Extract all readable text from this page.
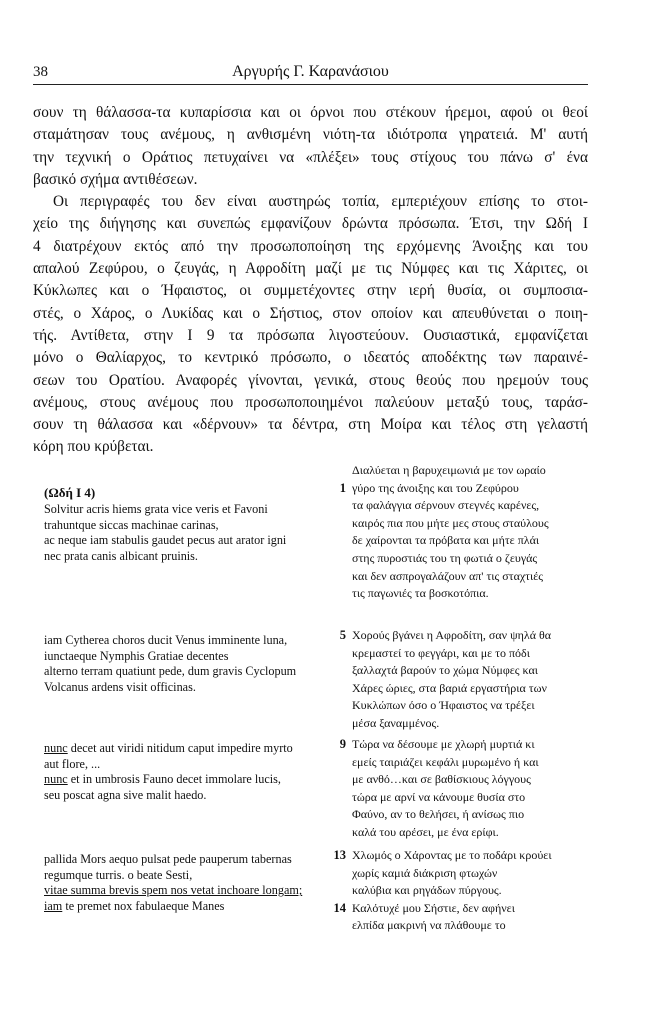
38	Αργυρής Γ. Καρανάσιου
σουν τη θάλασσα-τα κυπαρίσσια και οι όρνοι που στέκουν ήρεμοι, αφού οι θεοί
σταμάτησαν τους ανέμους, η ανθισμένη νιότη-τα ιδιότροπα γηρατειά. Μ' αυτή
την τεχνική ο Οράτιος πετυχαίνει να «πλέξει» τους στίχους του πάνω σ' ένα
βασικό σχήμα αντιθέσεων.
Οι περιγραφές του δεν είναι αυστηρώς τοπία, εμπεριέχουν επίσης το στοι-
χείο της διήγησης και συνεπώς εμφανίζουν δρώντα πρόσωπα. Έτσι, την Ωδή Ι
4 διατρέχουν εκτός από την προσωποποίηση της ερχόμενης Άνοιξης και του
απαλού Ζεφύρου, ο ζευγάς, η Αφροδίτη μαζί με τις Νύμφες και τις Χάριτες, οι
Κύκλωπες και ο Ήφαιστος, οι συμμετέχοντες στην ιερή θυσία, οι συμποσια-
στές, ο Χάρος, ο Λυκίδας και ο Σήστιος, στον οποίον και απευθύνεται ο ποιη-
τής. Αντίθετα, στην Ι 9 τα πρόσωπα λιγοστεύουν. Ουσιαστικά, εμφανίζεται
μόνο ο Θαλίαρχος, το κεντρικό πρόσωπο, ο ιδεατός αποδέκτης των παραινέ-
σεων του Ορατίου. Αναφορές γίνονται, γενικά, στους θεούς που ηρεμούν τους
ανέμους, στους ανέμους που προσωποποιημένοι παλεύουν μεταξύ τους, ταράσ-
σουν τη θάλασσα και «δέρνουν» τα δέντρα, στη Μοίρα και τέλος στη γελαστή
κόρη που κρύβεται.
(Ωδή Ι 4)
Solvitur acris hiems grata vice veris et Favoni
trahuntque siccas machinae carinas,
ac neque iam stabulis gaudet pecus aut arator igni
nec prata canis albicant pruinis.
iam Cytherea choros ducit Venus imminente luna,
iunctaeque Nymphis Gratiae decentes
alterno terram quatiunt pede, dum gravis Cyclopum
Volcanus ardens visit officinas.
nunc decet aut viridi nitidum caput impedire myrto
aut flore, ...
nunc et in umbrosis Fauno decet immolare lucis,
seu poscat agna sive malit haedo.
pallida Mors aequo pulsat pede pauperum tabernas
regumque turris. o beate Sesti,
vitae summa brevis spem nos vetat inchoare longam;
iam te premet nox fabulaeque Manes
Διαλύεται η βαρυχειμωνιά με τον ωραίο
1 γύρο της άνοιξης και του Ζεφύρου
τα φαλάγγια σέρνουν στεγνές καρένες,
καιρός πια που μήτε μες στους σταύλους
δε χαίρονται τα πρόβατα και μήτε πλάι
στης πυροστιάς του τη φωτιά ο ζευγάς
και δεν ασπρογαλάζουν απ' τις σταχτιές
τις παγωνιές τα βοσκοτόπια.
5 Χορούς βγάνει η Αφροδίτη, σαν ψηλά θα
κρεμαστεί το φεγγάρι, και με το πόδι
ξαλλαχτά βαρούν το χώμα Νύμφες και
Χάρες ώριες, στα βαριά εργαστήρια των
Κυκλώπων όσο ο Ήφαιστος να τρέξει
μέσα ξαναμμένος.
9 Τώρα να δέσουμε με χλωρή μυρτιά κι
εμείς ταιριάζει κεφάλι μυρωμένο ή και
με ανθό…και σε βαθίσκιους λόγγους
τώρα με αρνί να κάνουμε θυσία στο
Φαύνο, αν το θελήσει, ή ανίσως πιο
καλά του αρέσει, με ένα ερίφι.
13 Χλωμός ο Χάροντας με το ποδάρι κρούει
χωρίς καμιά διάκριση φτωχών
καλύβια και ρηγάδων πύργους.
14 Καλότυχέ μου Σήστιε, δεν αφήνει
ελπίδα μακρινή να πλάθουμε το
